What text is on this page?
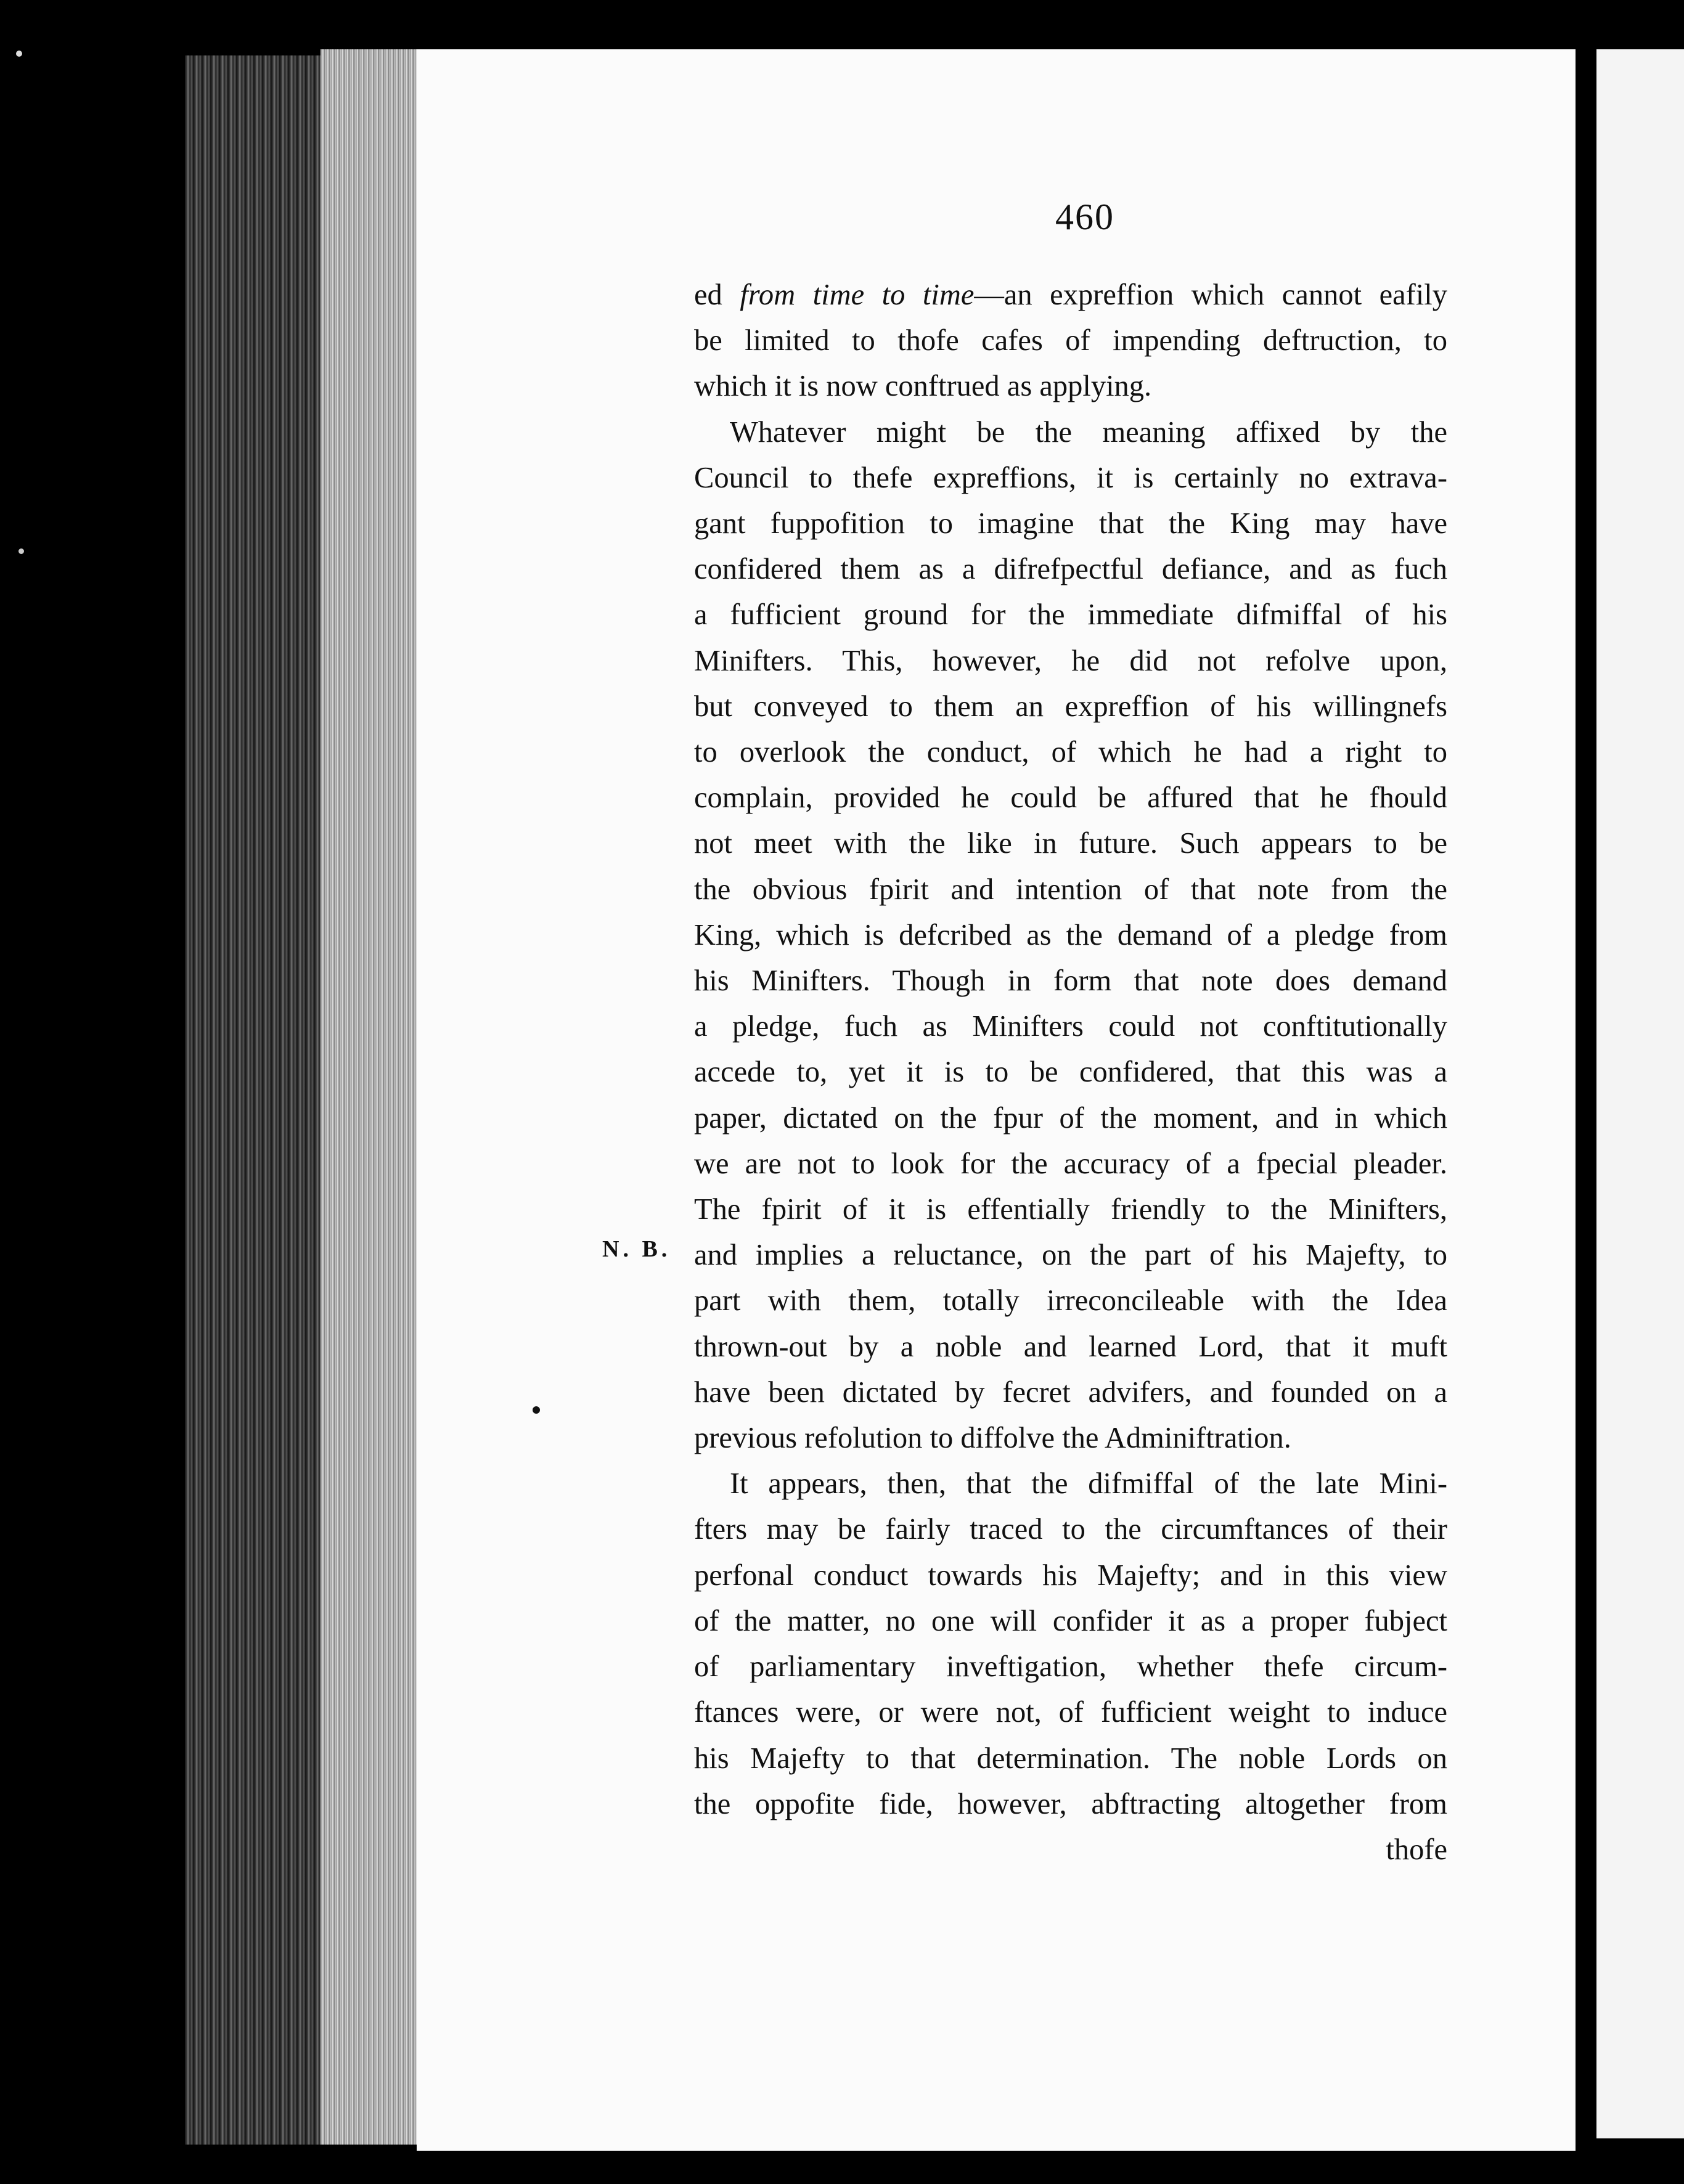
460
N. B.
ed from time to time—an expreffion which cannot eafily
be limited to thofe cafes of impending deftruction, to
which it is now conftrued as applying.
Whatever might be the meaning affixed by the
Council to thefe expreffions, it is certainly no extrava-
gant fuppofition to imagine that the King may have
confidered them as a difrefpectful defiance, and as fuch
a fufficient ground for the immediate difmiffal of his
Minifters. This, however, he did not refolve upon,
but conveyed to them an expreffion of his willingnefs
to overlook the conduct, of which he had a right to
complain, provided he could be affured that he fhould
not meet with the like in future. Such appears to be
the obvious fpirit and intention of that note from the
King, which is defcribed as the demand of a pledge from
his Minifters. Though in form that note does demand
a pledge, fuch as Minifters could not conftitutionally
accede to, yet it is to be confidered, that this was a
paper, dictated on the fpur of the moment, and in which
we are not to look for the accuracy of a fpecial pleader.
The fpirit of it is effentially friendly to the Minifters,
and implies a reluctance, on the part of his Majefty, to
part with them, totally irreconcileable with the Idea
thrown-out by a noble and learned Lord, that it muft
have been dictated by fecret advifers, and founded on a
previous refolution to diffolve the Adminiftration.
It appears, then, that the difmiffal of the late Mini-
fters may be fairly traced to the circumftances of their
perfonal conduct towards his Majefty; and in this view
of the matter, no one will confider it as a proper fubject
of parliamentary inveftigation, whether thefe circum-
ftances were, or were not, of fufficient weight to induce
his Majefty to that determination. The noble Lords on
the oppofite fide, however, abftracting altogether from
thofe
